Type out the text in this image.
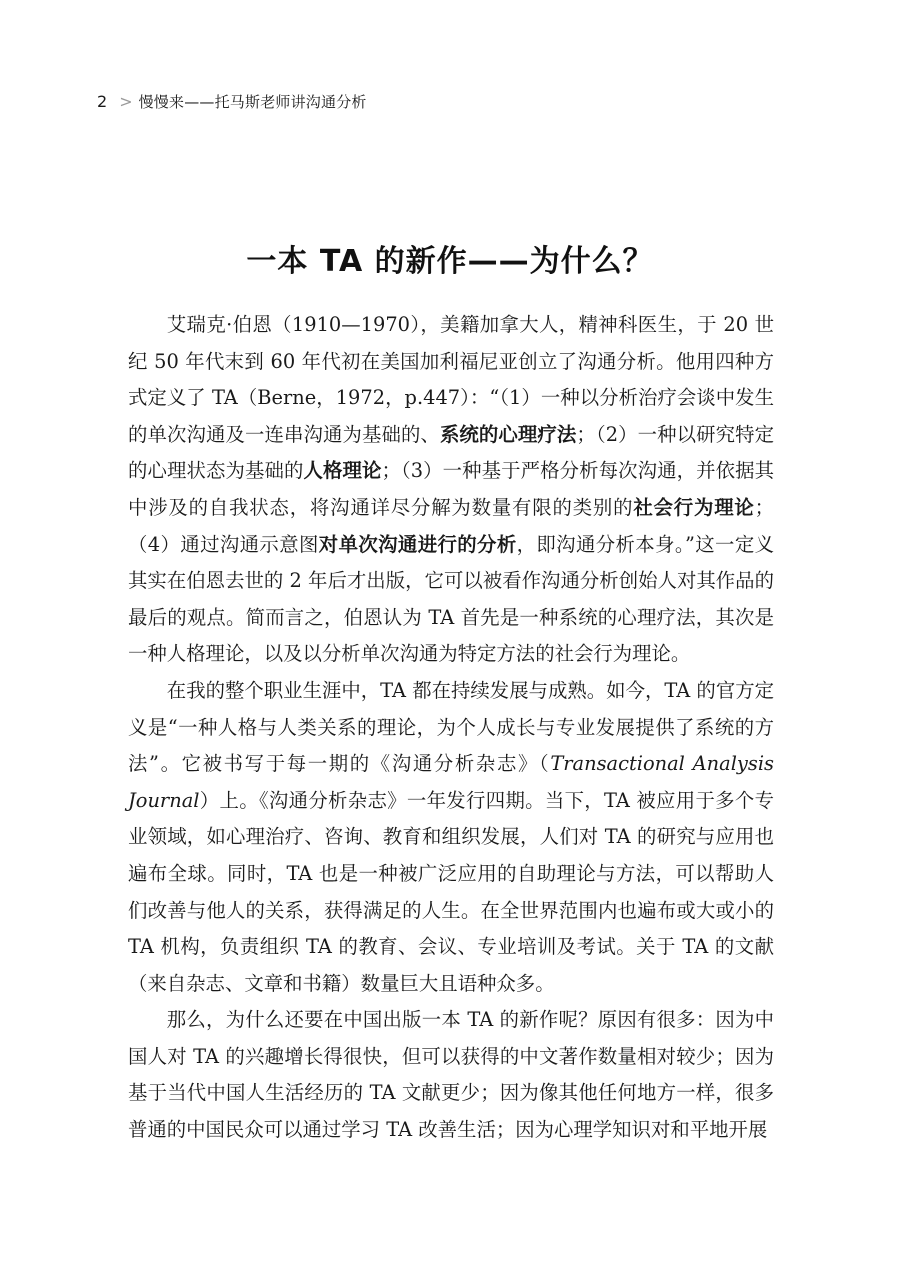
2 > 慢慢来——托马斯老师讲沟通分析
一本 TA 的新作——为什么？

艾瑞克·伯恩（1910—1970），美籍加拿大人，精神科医生，于 20 世纪 50 年代末到 60 年代初在美国加利福尼亚创立了沟通分析。他用四种方式定义了 TA（Berne，1972，p.447）：“（1）一种以分析治疗会谈中发生的单次沟通及一连串沟通为基础的、系统的心理疗法；（2）一种以研究特定的心理状态为基础的人格理论；（3）一种基于严格分析每次沟通，并依据其中涉及的自我状态，将沟通详尽分解为数量有限的类别的社会行为理论；（4）通过沟通示意图对单次沟通进行的分析，即沟通分析本身。”这一定义其实在伯恩去世的 2 年后才出版，它可以被看作沟通分析创始人对其作品的最后的观点。简而言之，伯恩认为 TA 首先是一种系统的心理疗法，其次是一种人格理论，以及以分析单次沟通为特定方法的社会行为理论。

在我的整个职业生涯中，TA 都在持续发展与成熟。如今，TA 的官方定义是“一种人格与人类关系的理论，为个人成长与专业发展提供了系统的方法”。它被书写于每一期的《沟通分析杂志》（Transactional Analysis Journal）上。《沟通分析杂志》一年发行四期。当下，TA 被应用于多个专业领域，如心理治疗、咨询、教育和组织发展，人们对 TA 的研究与应用也遍布全球。同时，TA 也是一种被广泛应用的自助理论与方法，可以帮助人们改善与他人的关系，获得满足的人生。在全世界范围内也遍布或大或小的 TA 机构，负责组织 TA 的教育、会议、专业培训及考试。关于 TA 的文献（来自杂志、文章和书籍）数量巨大且语种众多。

那么，为什么还要在中国出版一本 TA 的新作呢？原因有很多：因为中国人对 TA 的兴趣增长得很快，但可以获得的中文著作数量相对较少；因为基于当代中国人生活经历的 TA 文献更少；因为像其他任何地方一样，很多普通的中国民众可以通过学习 TA 改善生活；因为心理学知识对和平地开展
